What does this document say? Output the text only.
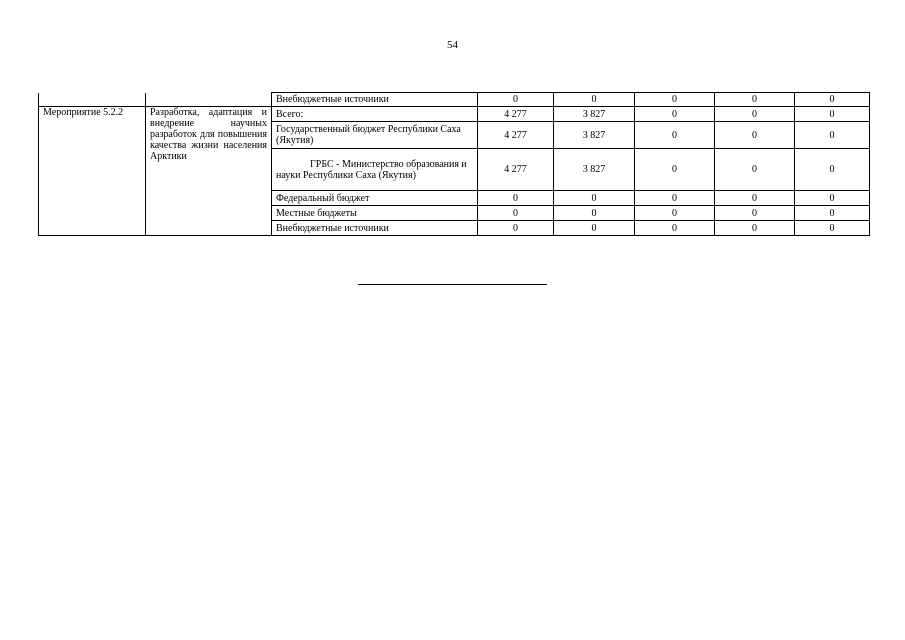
54
		Внебюджетные источники	0	0	0	0	0
Мероприятие 5.2.2	Разработка, адаптация и внедрение научных разработок для повышения качества жизни населения Арктики	Всего:	4 277	3 827	0	0	0
		Государственный бюджет Республики Саха (Якутия)	4 277	3 827	0	0	0
		ГРБС - Министерство образования и науки Республики Саха (Якутия)	4 277	3 827	0	0	0
		Федеральный бюджет	0	0	0	0	0
		Местные бюджеты	0	0	0	0	0
		Внебюджетные источники	0	0	0	0	0
